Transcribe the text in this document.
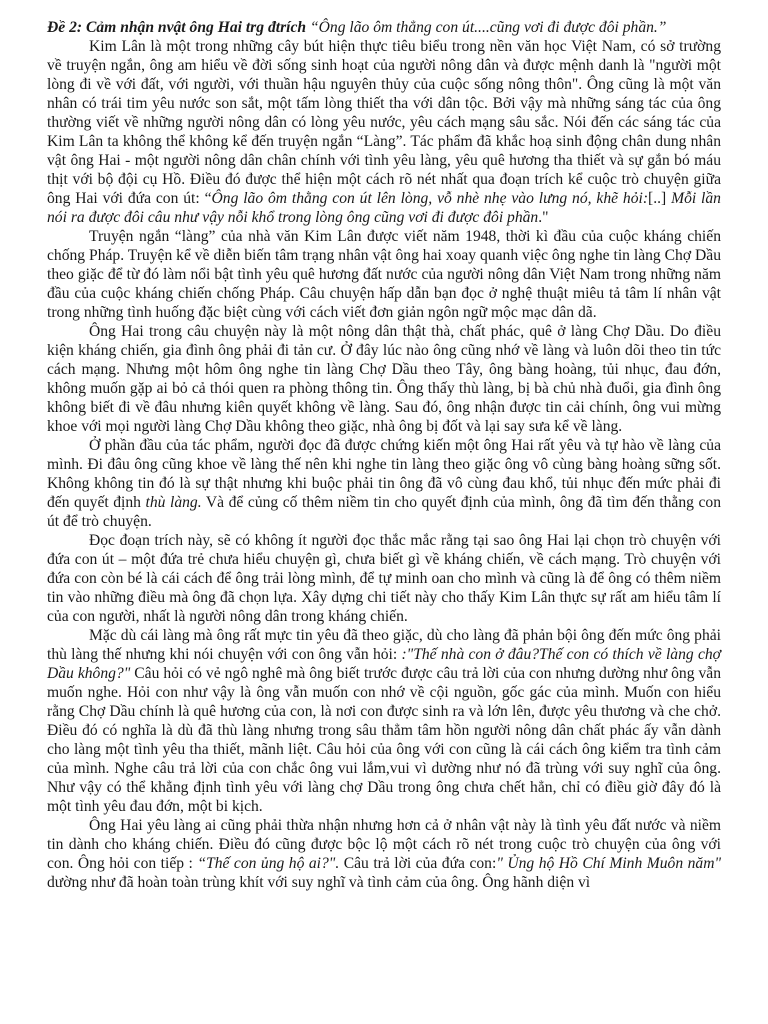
Đề 2: Cảm nhận nvật ông Hai trg đtrích “Ông lão ôm thẳng con út....cũng vơi đi được đôi phần.”

Kim Lân là một trong những cây bút hiện thực tiêu biểu trong nền văn học Việt Nam, có sở trường về truyện ngắn, ông am hiểu về đời sống sinh hoạt của người nông dân và được mệnh danh là "người một lòng đi về với đất, với người, với thuần hậu nguyên thủy của cuộc sống nông thôn". Ông cũng là một văn nhân có trái tim yêu nước son sắt, một tấm lòng thiết tha với dân tộc. Bởi vậy mà những sáng tác của ông thường viết về những người nông dân có lòng yêu nước, yêu cách mạng sâu sắc. Nói đến các sáng tác của Kim Lân ta không thể không kể đến truyện ngắn “Làng”. Tác phẩm đã khắc hoạ sinh động chân dung nhân vật ông Hai - một người nông dân chân chính với tình yêu làng, yêu quê hương tha thiết và sự gắn bó máu thịt với bộ đội cụ Hồ. Điều đó được thể hiện một cách rõ nét nhất qua đoạn trích kể cuộc trò chuyện giữa ông Hai với đứa con út: “Ông lão ôm thằng con út lên lòng, vỗ nhè nhẹ vào lưng nó, khẽ hỏi:[..] Mỗi lần nói ra được đôi câu như vậy nỗi khổ trong lòng ông cũng vơi đi được đôi phần."

Truyện ngắn “làng” của nhà văn Kim Lân được viết năm 1948, thời kì đầu của cuộc kháng chiến chống Pháp. Truyện kể về diễn biến tâm trạng nhân vật ông hai xoay quanh việc ông nghe tin làng Chợ Dầu theo giặc để từ đó làm nổi bật tình yêu quê hương đất nước của người nông dân Việt Nam trong những năm đầu của cuộc kháng chiến chống Pháp. Câu chuyện hấp dẫn bạn đọc ở nghệ thuật miêu tả tâm lí nhân vật trong những tình huống đặc biệt cùng với cách viết đơn giản ngôn ngữ mộc mạc dân dã.

Ông Hai trong câu chuyện này là một nông dân thật thà, chất phác, quê ở làng Chợ Dầu. Do điều kiện kháng chiến, gia đình ông phải đi tản cư. Ở đây lúc nào ông cũng nhớ về làng và luôn dõi theo tin tức cách mạng. Nhưng một hôm ông nghe tin làng Chợ Dầu theo Tây, ông bàng hoàng, tủi nhục, đau đớn, không muốn gặp ai bỏ cả thói quen ra phòng thông tin. Ông thấy thù làng, bị bà chủ nhà đuổi, gia đình ông không biết đi về đâu nhưng kiên quyết không về làng. Sau đó, ông nhận được tin cải chính, ông vui mừng khoe với mọi người làng Chợ Dầu không theo giặc, nhà ông bị đốt và lại say sưa kể về làng.

Ở phần đầu của tác phẩm, người đọc đã được chứng kiến một ông Hai rất yêu và tự hào về làng của mình. Đi đâu ông cũng khoe về làng thế nên khi nghe tin làng theo giặc ông vô cùng bàng hoàng sững sốt. Không không tin đó là sự thật nhưng khi buộc phải tin ông đã vô cùng đau khổ, tủi nhục đến mức phải đi đến quyết định thù làng. Và để củng cố thêm niềm tin cho quyết định của mình, ông đã tìm đến thằng con út để trò chuyện.

Đọc đoạn trích này, sẽ có không ít người đọc thắc mắc rằng tại sao ông Hai lại chọn trò chuyện với đứa con út – một đứa trẻ chưa hiểu chuyện gì, chưa biết gì về kháng chiến, về cách mạng. Trò chuyện với đứa con còn bé là cái cách để ông trải lòng mình, để tự minh oan cho mình và cũng là để ông có thêm niềm tin vào những điều mà ông đã chọn lựa. Xây dựng chi tiết này cho thấy Kim Lân thực sự rất am hiểu tâm lí của con người, nhất là người nông dân trong kháng chiến.

Mặc dù cái làng mà ông rất mực tin yêu đã theo giặc, dù cho làng đã phản bội ông đến mức ông phải thù làng thế nhưng khi nói chuyện với con ông vẫn hỏi: :"Thế nhà con ở đâu?Thế con có thích về làng chợ Dầu không?" Câu hỏi có vẻ ngô nghê mà ông biết trước được câu trả lời của con nhưng dường như ông vẫn muốn nghe. Hỏi con như vậy là ông vẫn muốn con nhớ về cội nguồn, gốc gác của mình. Muốn con hiểu rằng Chợ Dầu chính là quê hương của con, là nơi con được sinh ra và lớn lên, được yêu thương và che chở. Điều đó có nghĩa là dù đã thù làng nhưng trong sâu thẳm tâm hồn người nông dân chất phác ấy vẫn dành cho làng một tình yêu tha thiết, mãnh liệt. Câu hỏi của ông với con cũng là cái cách ông kiểm tra tình cảm của mình. Nghe câu trả lời của con chắc ông vui lắm,vui vì dường như nó đã trùng với suy nghĩ của ông. Như vậy có thể khẳng định tình yêu với làng chợ Dầu trong ông chưa chết hẳn, chỉ có điều giờ đây đó là một tình yêu đau đớn, một bi kịch.

Ông Hai yêu làng ai cũng phải thừa nhận nhưng hơn cả ở nhân vật này là tình yêu đất nước và niềm tin dành cho kháng chiến. Điều đó cũng được bộc lộ một cách rõ nét trong cuộc trò chuyện của ông với con. Ông hỏi con tiếp : “Thế con ủng hộ ai?". Câu trả lời của đứa con:" Ủng hộ Hồ Chí Minh Muôn năm" dường như đã hoàn toàn trùng khít với suy nghĩ và tình cảm của ông. Ông hãnh diện vì
